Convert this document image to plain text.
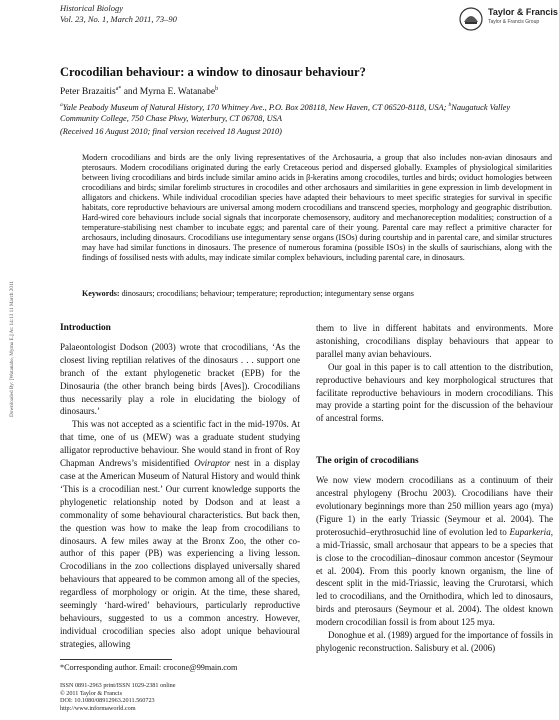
Historical Biology
Vol. 23, No. 1, March 2011, 73–90
Taylor & Francis
Taylor & Francis Group
Crocodilian behaviour: a window to dinosaur behaviour?
Peter Brazaitis$^{a*}$ and Myrna E. Watanabe$^b$
$^a$Yale Peabody Museum of Natural History, 170 Whitney Ave., P.O. Box 208118, New Haven, CT 06520-8118, USA; $^b$Naugatuck Valley Community College, 750 Chase Pkwy, Waterbury, CT 06708, USA
(Received 16 August 2010; final version received 18 August 2010)
Modern crocodilians and birds are the only living representatives of the Archosauria, a group that also includes non-avian dinosaurs and pterosaurs. Modern crocodilians originated during the early Cretaceous period and dispersed globally. Examples of physiological similarities between living crocodilians and birds include similar amino acids in β-keratins among crocodiles, turtles and birds; oviduct homologies between crocodilians and birds; similar forelimb structures in crocodiles and other archosaurs and similarities in gene expression in limb development in alligators and chickens. While individual crocodilian species have adapted their behaviours to meet specific strategies for survival in specific habitats, core reproductive behaviours are universal among modern crocodilians and transcend species, morphology and geographic distribution. Hard-wired core behaviours include social signals that incorporate chemosensory, auditory and mechanoreception modalities; construction of a temperature-stabilising nest chamber to incubate eggs; and parental care of their young. Parental care may reflect a primitive character for archosaurs, including dinosaurs. Crocodilians use integumentary sense organs (ISOs) during courtship and in parental care, and similar structures may have had similar functions in dinosaurs. The presence of numerous foramina (possible ISOs) in the skulls of saurischians, along with the findings of fossilised nests with adults, may indicate similar complex behaviours, including parental care, in dinosaurs.
Keywords: dinosaurs; crocodilians; behaviour; temperature; reproduction; integumentary sense organs
Downloaded By: [Watanabe, Myrna E.] At: 14:13 11 March 2011	Introduction

Palaeontologist Dodson (2003) wrote that crocodilians, ‘As the closest living reptilian relatives of the dinosaurs . . . support one branch of the extant phylogenetic bracket (EPB) for the Dinosauria (the other branch being birds [Aves]). Crocodilians thus necessarily play a role in elucidating the biology of dinosaurs.’

This was not accepted as a scientific fact in the mid-1970s. At that time, one of us (MEW) was a graduate student studying alligator reproductive behaviour. She would stand in front of Roy Chapman Andrews’s misidentified Oviraptor nest in a display case at the American Museum of Natural History and would think ‘This is a crocodilian nest.’ Our current knowledge supports the phylogenetic relationship noted by Dodson and at least a commonality of some behavioural characteristics. But back then, the question was how to make the leap from crocodilians to dinosaurs. A few miles away at the Bronx Zoo, the other co-author of this paper (PB) was experiencing a living lesson. Crocodilians in the zoo collections displayed universally shared behaviours that appeared to be common among all of the species, regardless of morphology or origin. At the time, these shared, seemingly ‘hard-wired’ behaviours, particularly reproductive behaviours, suggested to us a common ancestry. However, individual crocodilian species also adopt unique behavioural strategies, allowing

them to live in different habitats and environments. More astonishing, crocodilians display behaviours that appear to parallel many avian behaviours.

Our goal in this paper is to call attention to the distribution, reproductive behaviours and key morphological structures that facilitate reproductive behaviours in modern crocodilians. This may provide a starting point for the discussion of the behaviour of ancestral forms.

The origin of crocodilians

We now view modern crocodilians as a continuum of their ancestral phylogeny (Brochu 2003). Crocodilians have their evolutionary beginnings more than 250 million years ago (mya) (Figure 1) in the early Triassic (Seymour et al. 2004). The proterosuchid–erythrosuchid line of evolution led to Euparkeria, a mid-Triassic, small archosaur that appears to be a species that is close to the crocodilian–dinosaur common ancestor (Seymour et al. 2004). From this poorly known organism, the line of descent split in the mid-Triassic, leaving the Crurotarsi, which led to crocodilians, and the Ornithodira, which led to dinosaurs, birds and pterosaurs (Seymour et al. 2004). The oldest known modern crocodilian fossil is from about 125 mya.

Donoghue et al. (1989) argued for the importance of fossils in phylogenic reconstruction. Salisbury et al. (2006)

*Corresponding author. Email: crocone@99main.com
ISSN 0891-2963 print/ISSN 1029-2381 online
© 2011 Taylor & Francis
DOI: 10.1080/08912963.2011.560723
http://www.informaworld.com
